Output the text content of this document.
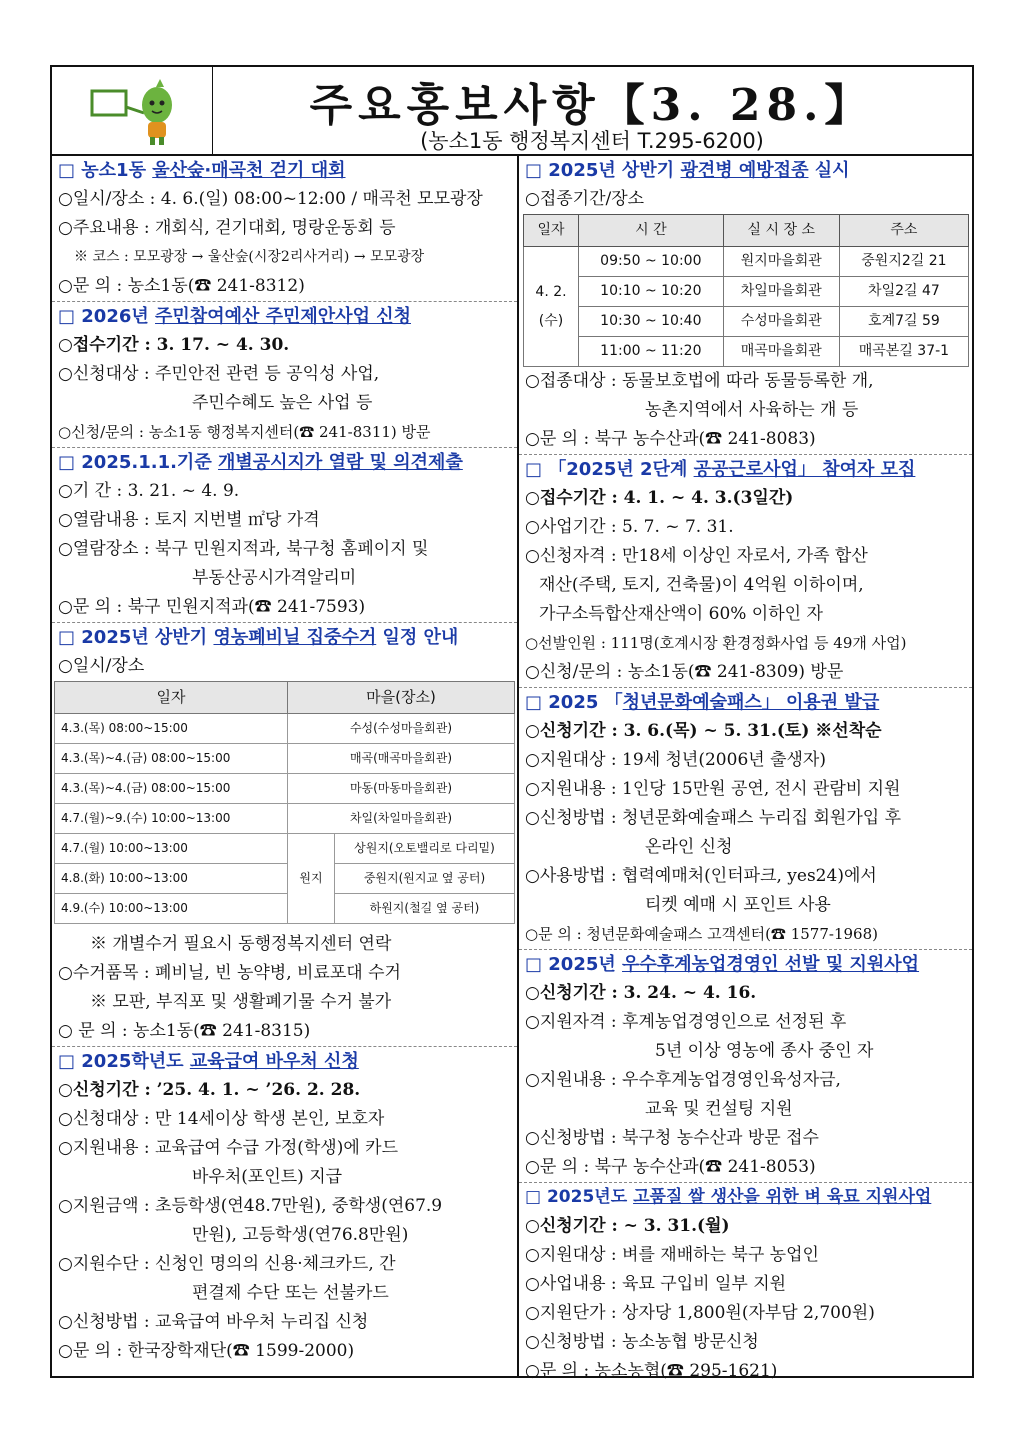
주요홍보사항【3. 28.】
(농소1동 행정복지센터 T.295-6200)
□ 농소1동 울산숲·매곡천 걷기 대회
○일시/장소 : 4. 6.(일) 08:00~12:00 / 매곡천 모모광장
○주요내용 : 개회식, 걷기대회, 명랑운동회 등
※ 코스 : 모모광장 → 울산숲(시장2리사거리) → 모모광장
○문 의 : 농소1동(☎ 241-8312)
□ 2026년 주민참여예산 주민제안사업 신청
○접수기간 : 3. 17. ~ 4. 30.
○신청대상 : 주민안전 관련 등 공익성 사업,
주민수혜도 높은 사업 등
○신청/문의 : 농소1동 행정복지센터(☎ 241-8311) 방문
□ 2025.1.1.기준 개별공시지가 열람 및 의견제출
○기 간 : 3. 21. ~ 4. 9.
○열람내용 : 토지 지번별 ㎡당 가격
○열람장소 : 북구 민원지적과, 북구청 홈페이지 및
부동산공시가격알리미
○문 의 : 북구 민원지적과(☎ 241-7593)
□ 2025년 상반기 영농폐비닐 집중수거 일정 안내
○일시/장소
일자	마을(장소)	
4.3.(목) 08:00~15:00	수성(수성마을회관)	
4.3.(목)~4.(금) 08:00~15:00	매곡(매곡마을회관)	
4.3.(목)~4.(금) 08:00~15:00	마동(마동마을회관)	
4.7.(월)~9.(수) 10:00~13:00	차일(차일마을회관)	
4.7.(월) 10:00~13:00	원지	상원지(오토밸리로 다리밑)
4.8.(화) 10:00~13:00		중원지(원지교 옆 공터)
4.9.(수) 10:00~13:00		하원지(철길 옆 공터)
※ 개별수거 필요시 동행정복지센터 연락
○수거품목 : 폐비닐, 빈 농약병, 비료포대 수거
※ 모판, 부직포 및 생활폐기물 수거 불가
○ 문 의 : 농소1동(☎ 241-8315)
□ 2025학년도 교육급여 바우처 신청
○신청기간 : ’25. 4. 1. ~ ’26. 2. 28.
○신청대상 : 만 14세이상 학생 본인, 보호자
○지원내용 : 교육급여 수급 가정(학생)에 카드
바우처(포인트) 지급
○지원금액 : 초등학생(연48.7만원), 중학생(연67.9
만원), 고등학생(연76.8만원)
○지원수단 : 신청인 명의의 신용·체크카드, 간
편결제 수단 또는 선불카드
○신청방법 : 교육급여 바우처 누리집 신청
○문 의 : 한국장학재단(☎ 1599-2000)
□ 2025년 상반기 광견병 예방접종 실시
○접종기간/장소
일자	시 간	실 시 장 소	주소
4. 2.
(수)	09:50 ~ 10:00	원지마을회관	중원지2길 21
	10:10 ~ 10:20	차일마을회관	차일2길 47
	10:30 ~ 10:40	수성마을회관	호계7길 59
	11:00 ~ 11:20	매곡마을회관	매곡본길 37-1
○접종대상 : 동물보호법에 따라 동물등록한 개,
농촌지역에서 사육하는 개 등
○문 의 : 북구 농수산과(☎ 241-8083)
□ 「2025년 2단계 공공근로사업」 참여자 모집
○접수기간 : 4. 1. ~ 4. 3.(3일간)
○사업기간 : 5. 7. ~ 7. 31.
○신청자격 : 만18세 이상인 자로서, 가족 합산
재산(주택, 토지, 건축물)이 4억원 이하이며,
가구소득합산재산액이 60% 이하인 자
○선발인원 : 111명(호계시장 환경정화사업 등 49개 사업)
○신청/문의 : 농소1동(☎ 241-8309) 방문
□ 2025 「청년문화예술패스」 이용권 발급
○신청기간 : 3. 6.(목) ~ 5. 31.(토) ※선착순
○지원대상 : 19세 청년(2006년 출생자)
○지원내용 : 1인당 15만원 공연, 전시 관람비 지원
○신청방법 : 청년문화예술패스 누리집 회원가입 후
온라인 신청
○사용방법 : 협력예매처(인터파크, yes24)에서
티켓 예매 시 포인트 사용
○문 의 : 청년문화예술패스 고객센터(☎ 1577-1968)
□ 2025년 우수후계농업경영인 선발 및 지원사업
○신청기간 : 3. 24. ~ 4. 16.
○지원자격 : 후계농업경영인으로 선정된 후
5년 이상 영농에 종사 중인 자
○지원내용 : 우수후계농업경영인육성자금,
교육 및 컨설팅 지원
○신청방법 : 북구청 농수산과 방문 접수
○문 의 : 북구 농수산과(☎ 241-8053)
□ 2025년도 고품질 쌀 생산을 위한 벼 육묘 지원사업
○신청기간 : ~ 3. 31.(월)
○지원대상 : 벼를 재배하는 북구 농업인
○사업내용 : 육묘 구입비 일부 지원
○지원단가 : 상자당 1,800원(자부담 2,700원)
○신청방법 : 농소농협 방문신청
○문 의 : 농소농협(☎ 295-1621)
